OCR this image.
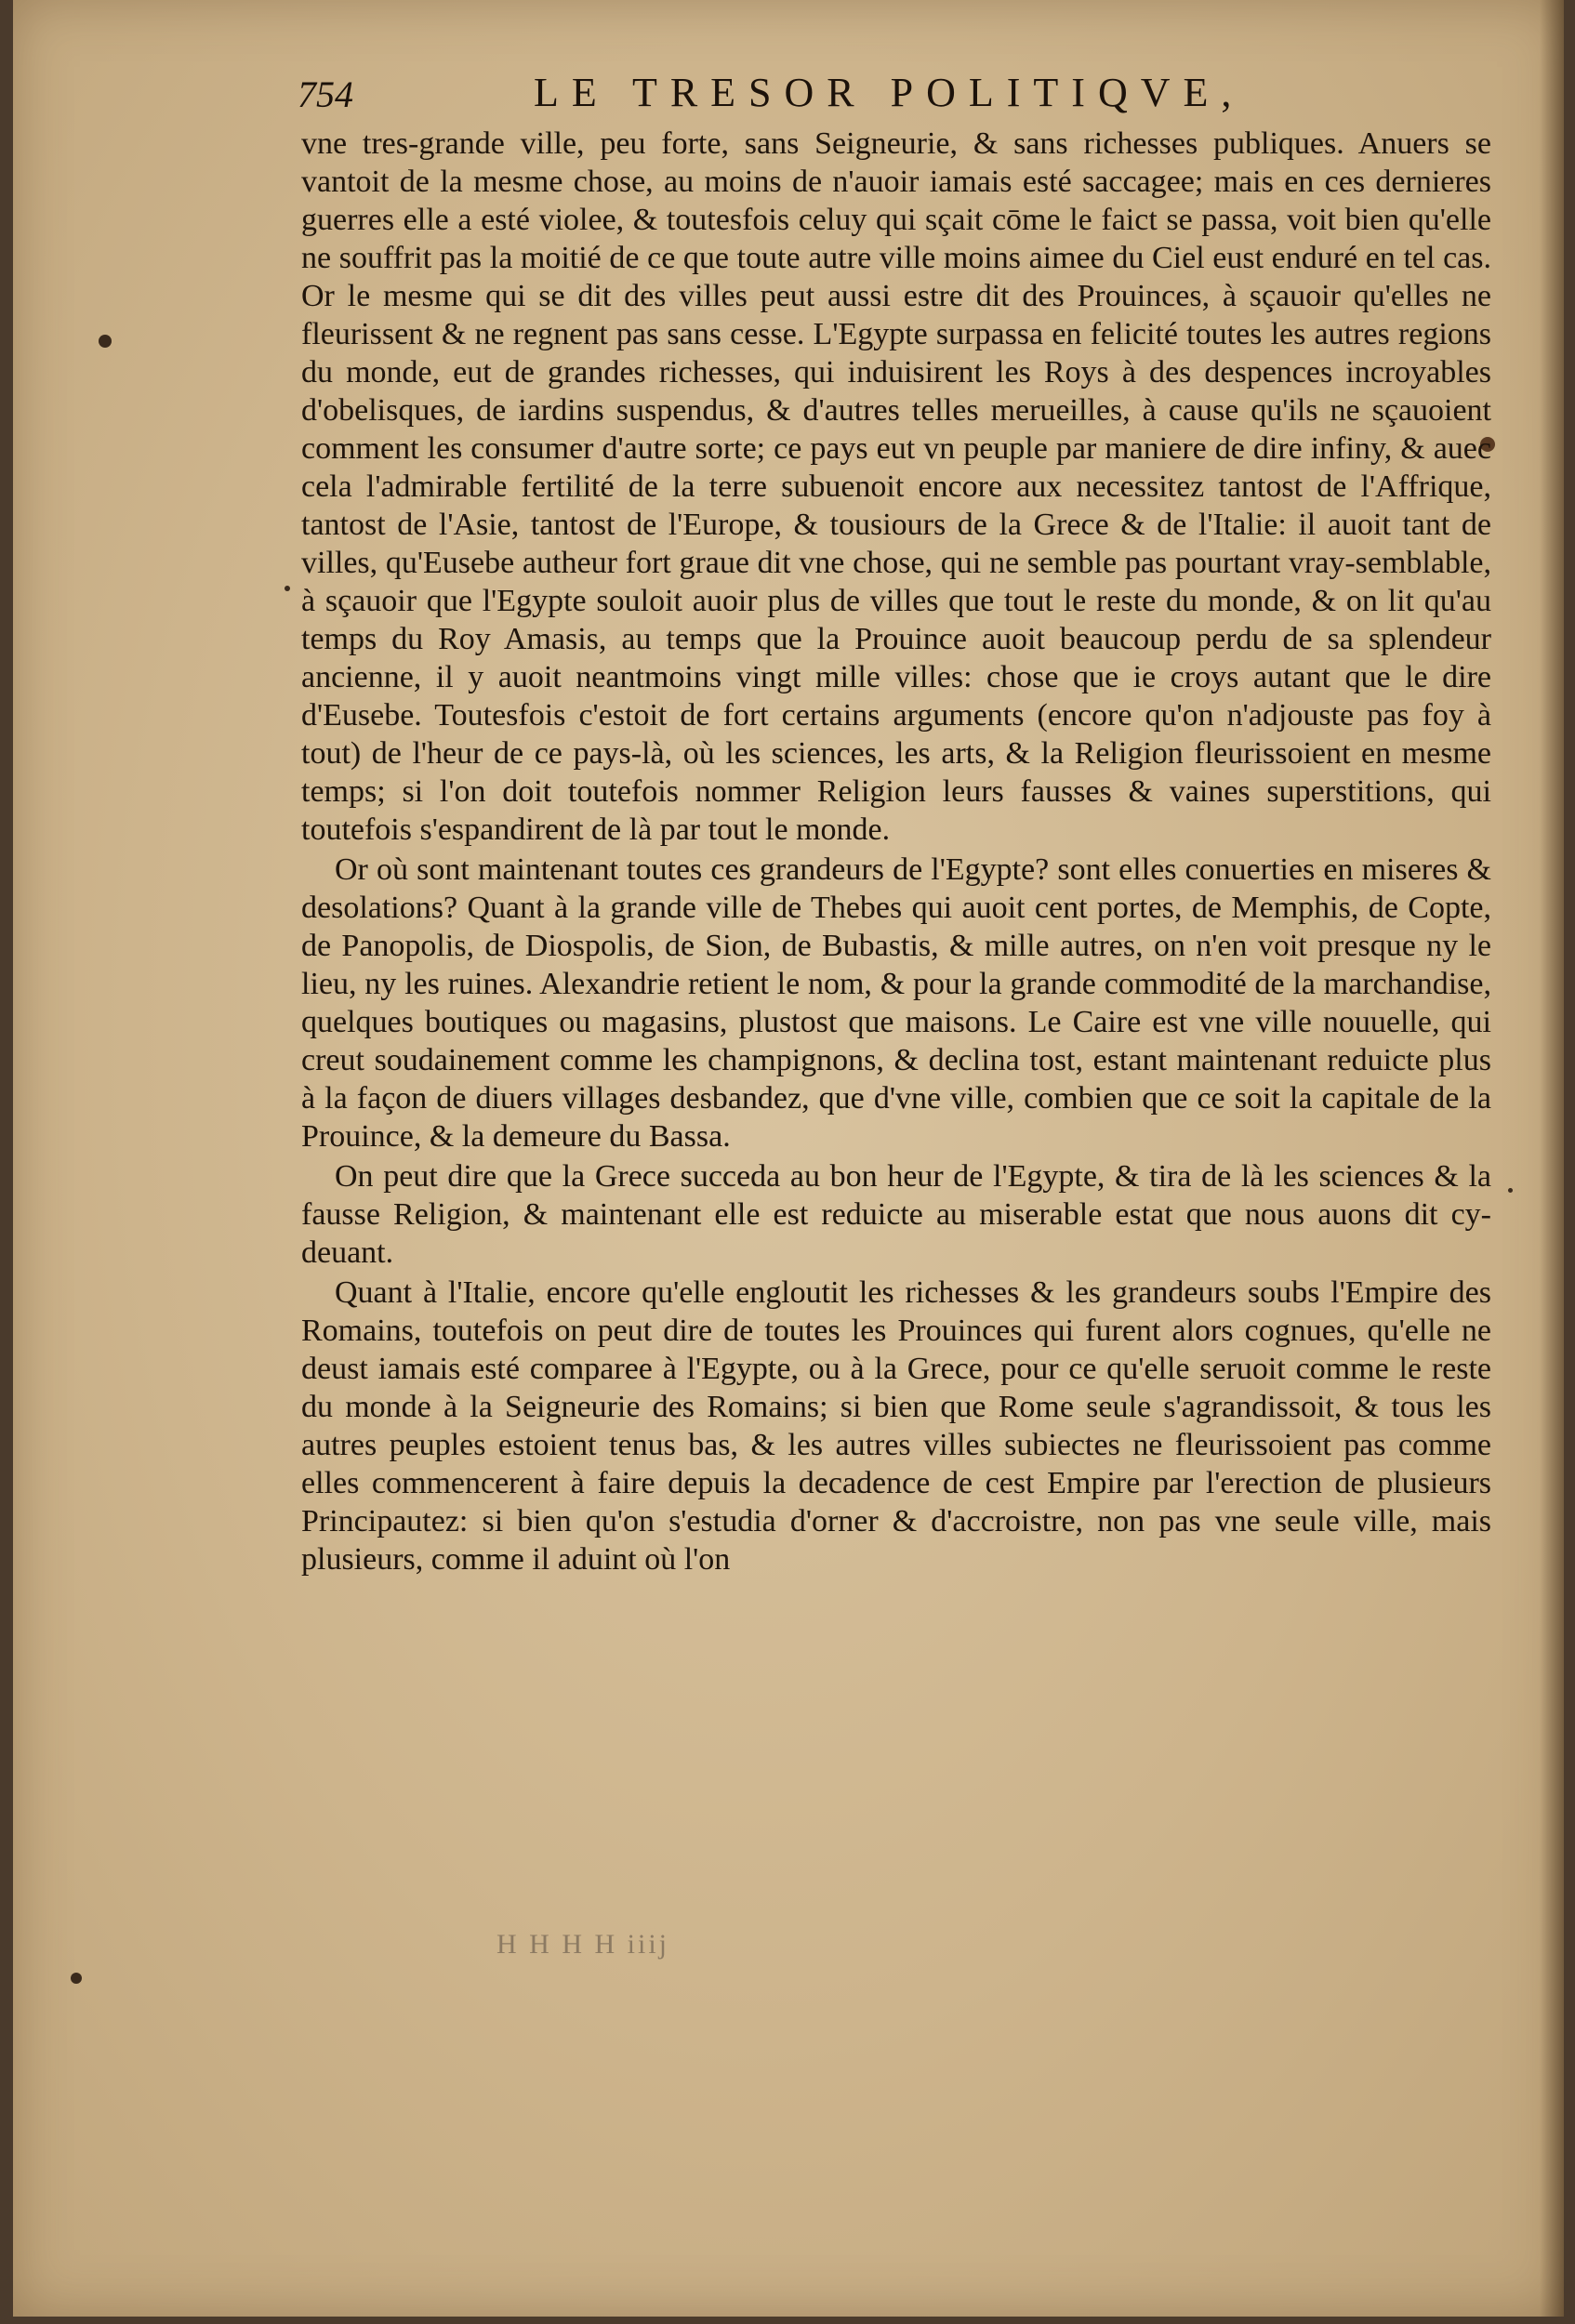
754	LE TRESOR POLITIQVE,

vne tres-grande ville, peu forte, sans Seigneurie, & sans richesses publiques. Anuers se vantoit de la mesme chose, au moins de n'auoir iamais esté saccagee; mais en ces dernieres guerres elle a esté violee, & toutesfois celuy qui sçait cōme le faict se passa, voit bien qu'elle ne souffrit pas la moitié de ce que toute autre ville moins aimee du Ciel eust enduré en tel cas. Or le mesme qui se dit des villes peut aussi estre dit des Prouinces, à sçauoir qu'elles ne fleurissent & ne regnent pas sans cesse. L'Egypte surpassa en felicité toutes les autres regions du monde, eut de grandes richesses, qui induisirent les Roys à des despences incroyables d'obelisques, de iardins suspendus, & d'autres telles merueilles, à cause qu'ils ne sçauoient comment les consumer d'autre sorte; ce pays eut vn peuple par maniere de dire infiny, & auec cela l'admirable fertilité de la terre subuenoit encore aux necessitez tantost de l'Affrique, tantost de l'Asie, tantost de l'Europe, & tousiours de la Grece & de l'Italie: il auoit tant de villes, qu'Eusebe autheur fort graue dit vne chose, qui ne semble pas pourtant vray-semblable, à sçauoir que l'Egypte souloit auoir plus de villes que tout le reste du monde, & on lit qu'au temps du Roy Amasis, au temps que la Prouince auoit beaucoup perdu de sa splendeur ancienne, il y auoit neantmoins vingt mille villes: chose que ie croys autant que le dire d'Eusebe. Toutesfois c'estoit de fort certains arguments (encore qu'on n'adjouste pas foy à tout) de l'heur de ce pays-là, où les sciences, les arts, & la Religion fleurissoient en mesme temps; si l'on doit toutefois nommer Religion leurs fausses & vaines superstitions, qui toutefois s'espandirent de là par tout le monde.

Or où sont maintenant toutes ces grandeurs de l'Egypte? sont elles conuerties en miseres & desolations? Quant à la grande ville de Thebes qui auoit cent portes, de Memphis, de Copte, de Panopolis, de Diospolis, de Sion, de Bubastis, & mille autres, on n'en voit presque ny le lieu, ny les ruines. Alexandrie retient le nom, & pour la grande commodité de la marchandise, quelques boutiques ou magasins, plustost que maisons. Le Caire est vne ville nouuelle, qui creut soudainement comme les champignons, & declina tost, estant maintenant reduicte plus à la façon de diuers villages desbandez, que d'vne ville, combien que ce soit la capitale de la Prouince, & la demeure du Bassa.

On peut dire que la Grece succeda au bon heur de l'Egypte, & tira de là les sciences & la fausse Religion, & maintenant elle est reduicte au miserable estat que nous auons dit cy-deuant.

Quant à l'Italie, encore qu'elle engloutit les richesses & les grandeurs soubs l'Empire des Romains, toutefois on peut dire de toutes les Prouinces qui furent alors cognues, qu'elle ne deust iamais esté comparee à l'Egypte, ou à la Grece, pour ce qu'elle seruoit comme le reste du monde à la Seigneurie des Romains; si bien que Rome seule s'agrandissoit, & tous les autres peuples estoient tenus bas, & les autres villes subiectes ne fleurissoient pas comme elles commencerent à faire depuis la decadence de cest Empire par l'erection de plusieurs Principautez: si bien qu'on s'estudia d'orner & d'accroistre, non pas vne seule ville, mais plusieurs, comme il aduint où l'on

H H H H iiij
